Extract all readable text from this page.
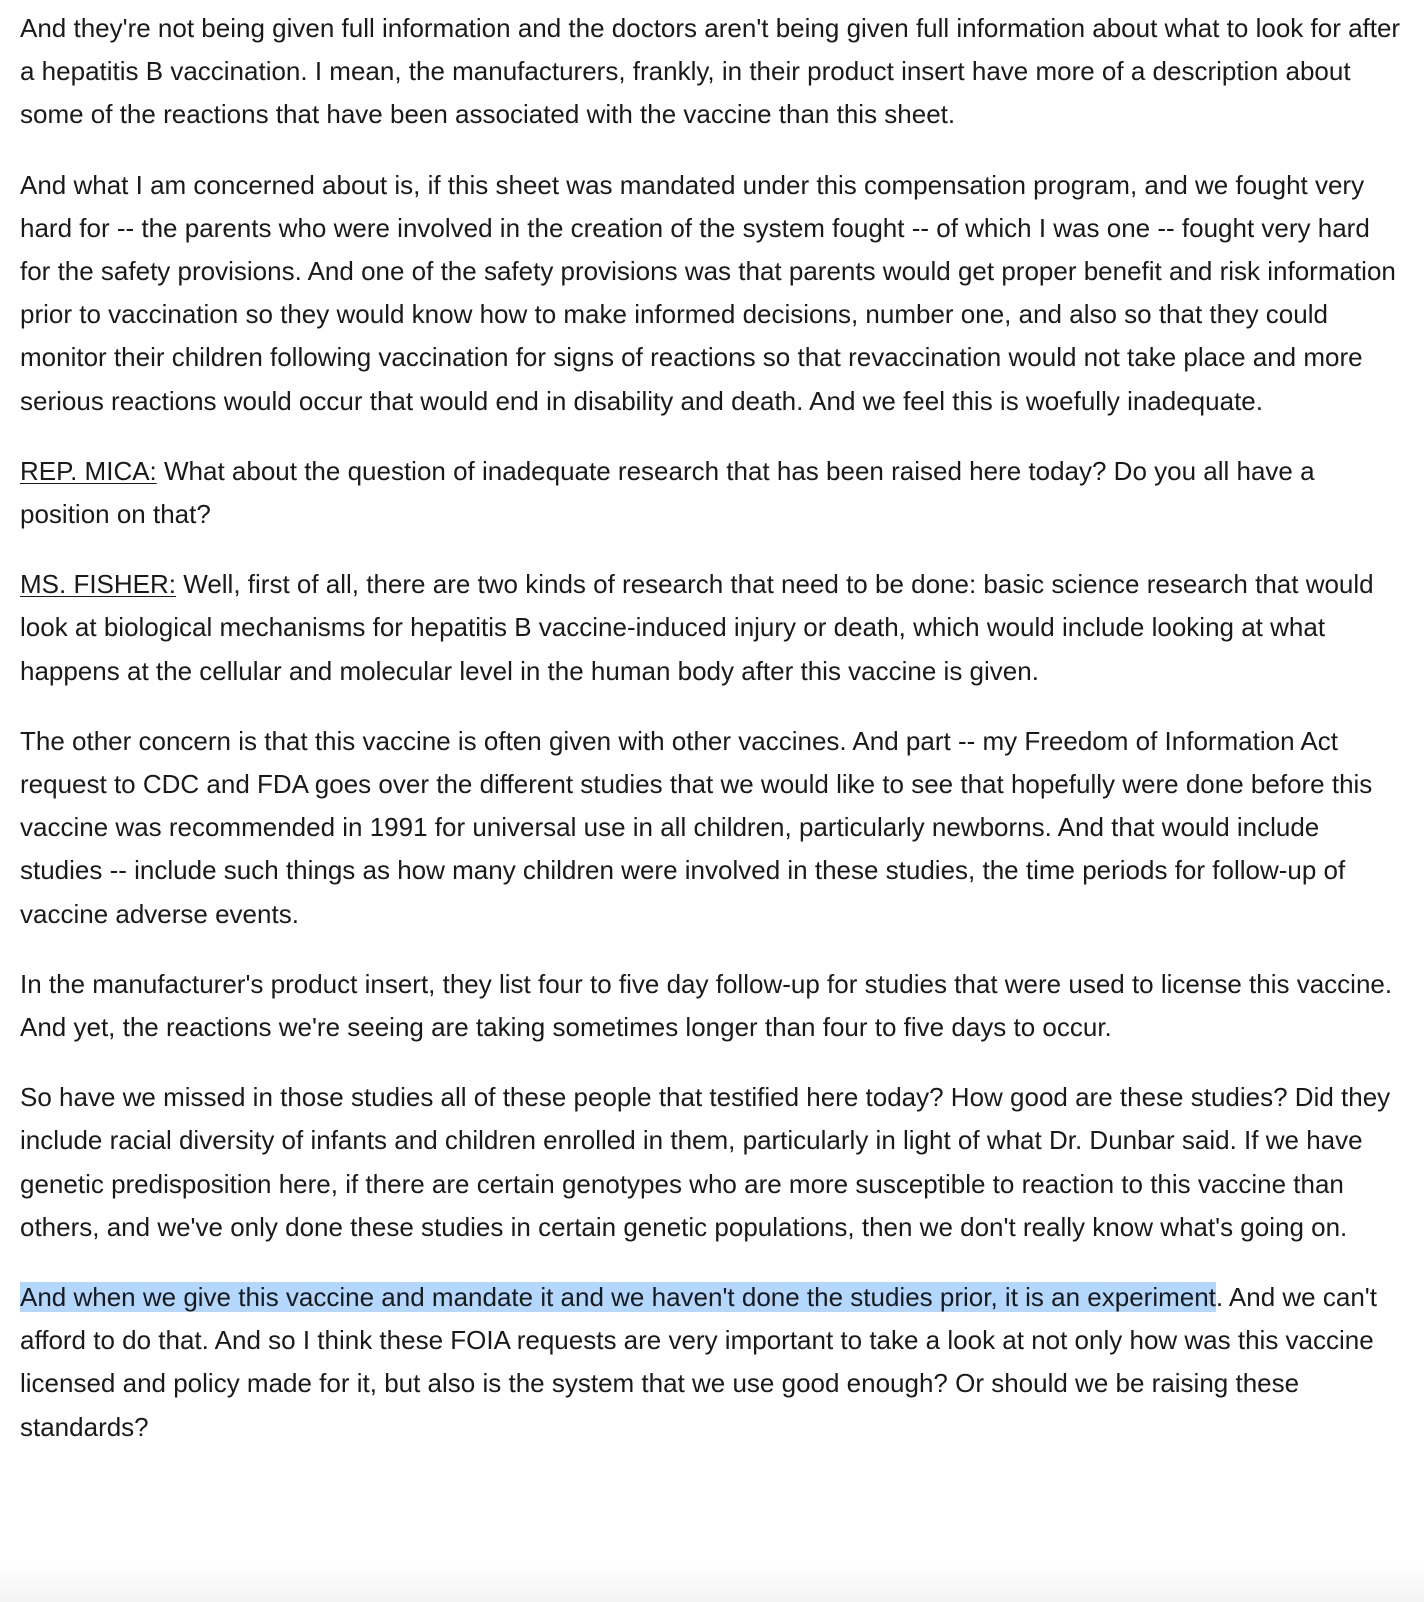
And they're not being given full information and the doctors aren't being given full information about what to look for after a hepatitis B vaccination. I mean, the manufacturers, frankly, in their product insert have more of a description about some of the reactions that have been associated with the vaccine than this sheet.

And what I am concerned about is, if this sheet was mandated under this compensation program, and we fought very hard for -- the parents who were involved in the creation of the system fought -- of which I was one -- fought very hard for the safety provisions. And one of the safety provisions was that parents would get proper benefit and risk information prior to vaccination so they would know how to make informed decisions, number one, and also so that they could monitor their children following vaccination for signs of reactions so that revaccination would not take place and more serious reactions would occur that would end in disability and death. And we feel this is woefully inadequate.

REP. MICA: What about the question of inadequate research that has been raised here today? Do you all have a position on that?

MS. FISHER: Well, first of all, there are two kinds of research that need to be done: basic science research that would look at biological mechanisms for hepatitis B vaccine-induced injury or death, which would include looking at what happens at the cellular and molecular level in the human body after this vaccine is given.

The other concern is that this vaccine is often given with other vaccines. And part -- my Freedom of Information Act request to CDC and FDA goes over the different studies that we would like to see that hopefully were done before this vaccine was recommended in 1991 for universal use in all children, particularly newborns. And that would include studies -- include such things as how many children were involved in these studies, the time periods for follow-up of vaccine adverse events.

In the manufacturer's product insert, they list four to five day follow-up for studies that were used to license this vaccine. And yet, the reactions we're seeing are taking sometimes longer than four to five days to occur.

So have we missed in those studies all of these people that testified here today? How good are these studies? Did they include racial diversity of infants and children enrolled in them, particularly in light of what Dr. Dunbar said. If we have genetic predisposition here, if there are certain genotypes who are more susceptible to reaction to this vaccine than others, and we've only done these studies in certain genetic populations, then we don't really know what's going on.

And when we give this vaccine and mandate it and we haven't done the studies prior, it is an experiment. And we can't afford to do that. And so I think these FOIA requests are very important to take a look at not only how was this vaccine licensed and policy made for it, but also is the system that we use good enough? Or should we be raising these standards?
